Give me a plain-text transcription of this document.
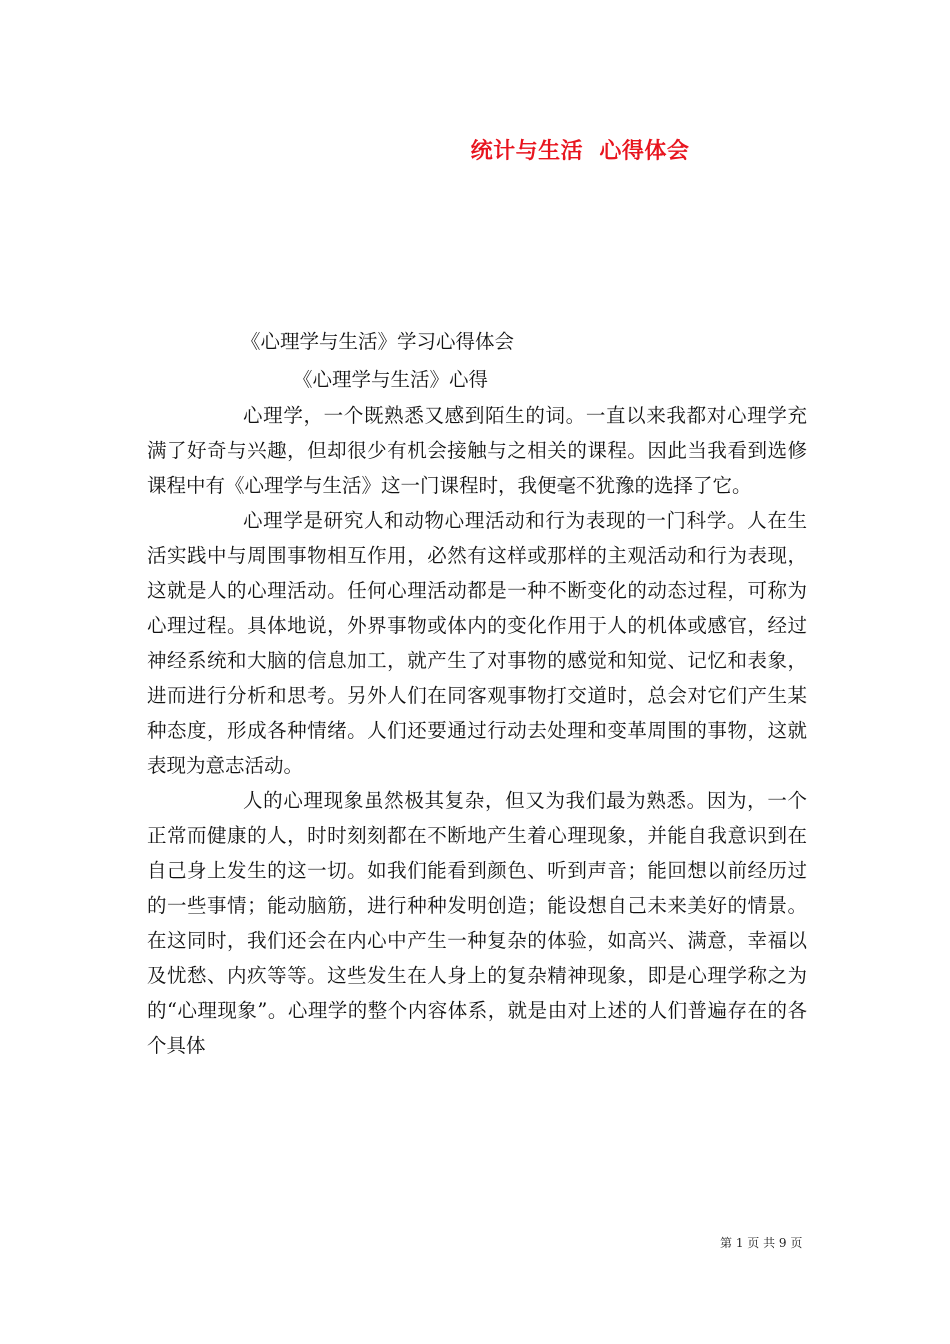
统计与生活  心得体会
《心理学与生活》学习心得体会
《心理学与生活》心得

心理学，一个既熟悉又感到陌生的词。一直以来我都对心理学充满了好奇与兴趣，但却很少有机会接触与之相关的课程。因此当我看到选修课程中有《心理学与生活》这一门课程时，我便毫不犹豫的选择了它。

心理学是研究人和动物心理活动和行为表现的一门科学。人在生活实践中与周围事物相互作用，必然有这样或那样的主观活动和行为表现，这就是人的心理活动。任何心理活动都是一种不断变化的动态过程，可称为心理过程。具体地说，外界事物或体内的变化作用于人的机体或感官，经过神经系统和大脑的信息加工，就产生了对事物的感觉和知觉、记忆和表象，进而进行分析和思考。另外人们在同客观事物打交道时，总会对它们产生某种态度，形成各种情绪。人们还要通过行动去处理和变革周围的事物，这就表现为意志活动。

人的心理现象虽然极其复杂，但又为我们最为熟悉。因为，一个正常而健康的人，时时刻刻都在不断地产生着心理现象，并能自我意识到在自己身上发生的这一切。如我们能看到颜色、听到声音；能回想以前经历过的一些事情；能动脑筋，进行种种发明创造；能设想自己未来美好的情景。在这同时，我们还会在内心中产生一种复杂的体验，如高兴、满意，幸福以及忧愁、内疚等等。这些发生在人身上的复杂精神现象，即是心理学称之为的“心理现象”。心理学的整个内容体系，就是由对上述的人们普遍存在的各个具体

第 1 页 共 9 页
